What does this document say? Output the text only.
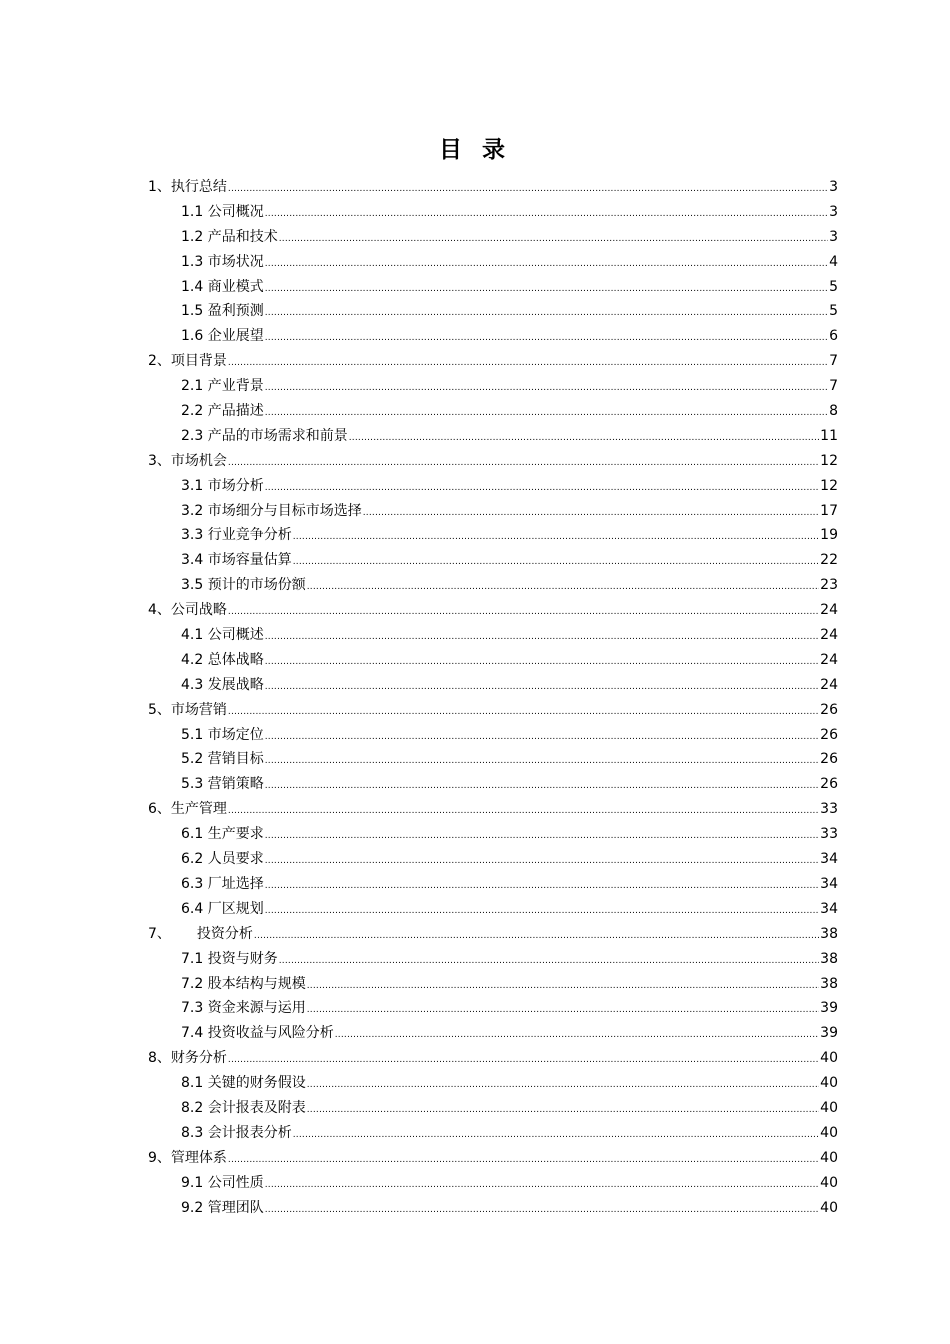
目 录
1、执行总结 .....	3
1.1 公司概况 .....	3
1.2 产品和技术 .....	3
1.3 市场状况 .....	4
1.4 商业模式 .....	5
1.5 盈利预测 .....	5
1.6 企业展望 .....	6
2、项目背景 .....	7
2.1 产业背景 .....	7
2.2 产品描述 .....	8
2.3 产品的市场需求和前景 .....	11
3、市场机会 .....	12
3.1 市场分析 .....	12
3.2 市场细分与目标市场选择 .....	17
3.3 行业竞争分析 .....	19
3.4 市场容量估算 .....	22
3.5 预计的市场份额 .....	23
4、公司战略 .....	24
4.1 公司概述 .....	24
4.2 总体战略 .....	24
4.3 发展战略 .....	24
5、市场营销 .....	26
5.1 市场定位 .....	26
5.2 营销目标 .....	26
5.3 营销策略 .....	26
6、生产管理 .....	33
6.1 生产要求 .....	33
6.2 人员要求 .....	34
6.3 厂址选择 .....	34
6.4 厂区规划 .....	34
7、 投资分析 .....	38
7.1 投资与财务 .....	38
7.2 股本结构与规模 .....	38
7.3 资金来源与运用 .....	39
7.4 投资收益与风险分析 .....	39
8、财务分析 .....	40
8.1 关键的财务假设 .....	40
8.2 会计报表及附表 .....	40
8.3 会计报表分析 .....	40
9、管理体系 .....	40
9.1 公司性质 .....	40
9.2 管理团队 .....	40
